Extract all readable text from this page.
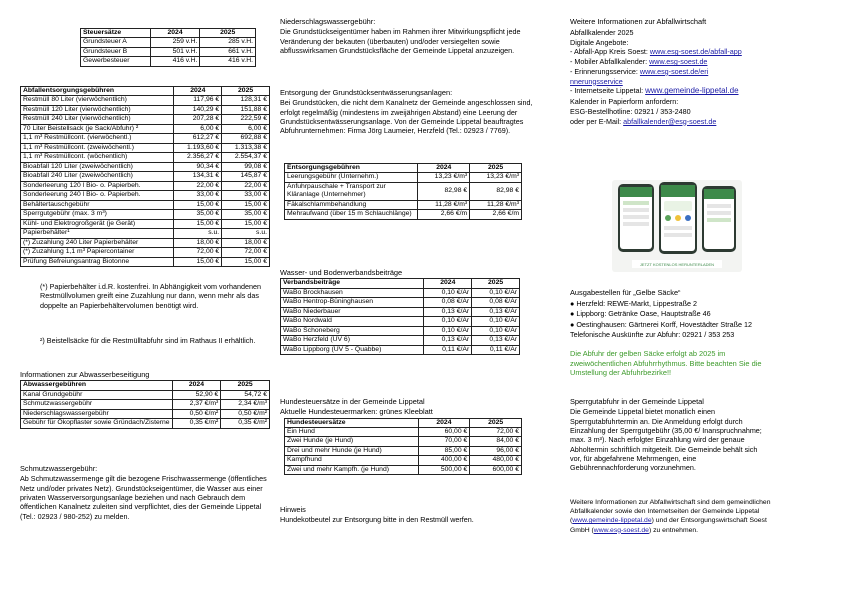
Steuersätze	2024	2025
Grundsteuer A	259 v.H.	285 v.H.
Grundsteuer B	501 v.H.	661 v.H.
Gewerbesteuer	416 v.H.	416 v.H.
Abfallentsorgungsgebühren	2024	2025
Restmüll 80 Liter (vierwöchentlich)	117,96 €	128,31 €
Restmüll 120 Liter (vierwöchentlich)	140,29 €	151,88 €
Restmüll 240 Liter (vierwöchentlich)	207,28 €	222,59 €
70 Liter Beistellsack (je Sack/Abfuhr) ²	6,00 €	6,00 €
1,1 m³ Restmüllcont. (vierwöchentl.)	612,27 €	692,88 €
1,1 m³ Restmüllcont. (zweiwöchentl.)	1.193,60 €	1.313,38 €
1,1 m³ Restmüllcont. (wöchentlich)	2.356,27 €	2.554,37 €
Bioabfall 120 Liter (zweiwöchentlich)	90,34 €	99,08 €
Bioabfall 240 Liter (zweiwöchentlich)	134,31 €	145,87 €
Sonderleerung 120 l Bio- o. Papierbeh.	22,00 €	22,00 €
Sonderleerung 240 l Bio- o. Papierbeh.	33,00 €	33,00 €
Behältertauschgebühr	15,00 €	15,00 €
Sperrgutgebühr (max. 3 m³)	35,00 €	35,00 €
Kühl- und Elektrogroßgerät (je Gerät)	15,00 €	15,00 €
Papierbehälter¹	s.u.	s.u.
(*) Zuzahlung 240 Liter Papierbehälter	18,00 €	18,00 €
(*) Zuzahlung 1,1 m³ Papiercontainer	72,00 €	72,00 €
Prüfung Befreiungsantrag Biotonne	15,00 €	15,00 €

(*) Papierbehälter i.d.R. kostenfrei. In Abhängigkeit vom vorhandenen Restmüllvolumen greift eine Zuzahlung nur dann, wenn mehr als das doppelte an Papierbehältervolumen benötigt wird.

²) Beistellsäcke für die Restmülltabfuhr sind im Rathaus II erhältlich.

Informationen zur Abwasserbeseitigung
Abwassergebühren	2024	2025
Kanal Grundgebühr	52,90 €	54,72 €
Schmutzwassergebühr	2,37 €/m³	2,34 €/m³
Niederschlagswassergebühr	0,50 €/m²	0,50 €/m²
Gebühr für Ökopflaster sowie Gründach/Zisterne	0,35 €/m²	0,35 €/m²
Schmutzwassergebühr:

Ab Schmutzwassermenge gilt die bezogene Frischwassermenge (öffentliches Netz und/oder privates Netz). Grundstückseigentümer, die Wasser aus einer privaten Wasserversorgungsanlage beziehen und nach Gebrauch dem öffentlichen Kanalnetz zuleiten sind verpflichtet, dies der Gemeinde Lippetal (Tel.: 02923 / 980-252) zu melden.

Niederschlagswassergebühr:

Die Grundstückseigentümer haben im Rahmen ihrer Mitwirkungspflicht jede Veränderung der bekauten (überbauten) und/oder versiegelten sowie abflusswirksamen Grundstücksfläche der Gemeinde Lippetal anzuzeigen.

Entsorgung der Grundstücksentwässerungsanlagen:

Bei Grundstücken, die nicht dem Kanalnetz der Gemeinde angeschlossen sind, erfolgt regelmäßig (mindestens im zweijährigen Abstand) eine Leerung der Grundstücksentwässerungsanlage. Von der Gemeinde Lippetal beauftragtes Abfuhrunternehmen: Firma Jörg Laumeier, Herzfeld (Tel.: 02923 / 7769).

Entsorgungsgebühren	2024	2025
Leerungsgebühr (Unternehm.)	13,23 €/m³	13,23 €/m³
Anfuhrpauschale + Transport zur Kläranlage (Unternehmer)	82,98 €	82,98 €
Fäkalschlammbehandlung	11,28 €/m³	11,28 €/m³
Mehraufwand (über 15 m Schlauchlänge)	2,66 €/m	2,66 €/m
Wasser- und Bodenverbandsbeiträge
Verbandsbeiträge	2024	2025
WaBo Brockhausen	0,10 €/Ar	0,10 €/Ar
WaBo Hentrop-Büninghausen	0,08 €/Ar	0,08 €/Ar
WaBo Niederbauer	0,13 €/Ar	0,13 €/Ar
WaBo Nordwald	0,10 €/Ar	0,10 €/Ar
WaBo Schoneberg	0,10 €/Ar	0,10 €/Ar
WaBo Herzfeld (UV 6)	0,13 €/Ar	0,13 €/Ar
WaBo Lippborg (UV 5 - Quabbe)	0,11 €/Ar	0,11 €/Ar
Hundesteuersätze in der Gemeinde Lippetal
Aktuelle Hundesteuermarken: grünes Kleeblatt
Hundesteuersätze	2024	2025
Ein Hund	60,00 €	72,00 €
Zwei Hunde (je Hund)	70,00 €	84,00 €
Drei und mehr Hunde (je Hund)	85,00 €	96,00 €
Kampfhund	400,00 €	480,00 €
Zwei und mehr Kampfh. (je Hund)	500,00 €	600,00 €
Hinweis

Hundekotbeutel zur Entsorgung bitte in den Restmüll werfen.

Weitere Informationen zur Abfallwirtschaft
Abfallkalender 2025
Digitale Angebote:
- Abfall-App Kreis Soest: www.esg-soest.de/abfall-app
- Mobiler Abfallkalender: www.esg-soest.de
- Erinnerungsservice: www.esg-soest.de/erinnerungsservice
- Internetseite Lippetal: www.gemeinde-lippetal.de
Kalender in Papierform anfordern:
ESG-Bestellhotline: 02921 / 353-2480
oder per E-Mail: abfallkalender@esg-soest.de
Ausgabestellen für „Gelbe Säcke“
● Herzfeld: REWE-Markt, Lippestraße 2
● Lippborg: Getränke Oase, Hauptstraße 46
● Oestinghausen: Gärtnerei Korff, Hovestädter Straße 12
Telefonische Auskünfte zur Abfuhr: 02921 / 353 253

Die Abfuhr der gelben Säcke erfolgt ab 2025 im zweiwöchentlichen Abfuhrrhythmus. Bitte beachten Sie die Umstellung der Abfuhrbezirke!!

Sperrgutabfuhr in der Gemeinde Lippetal

Die Gemeinde Lippetal bietet monatlich einen Sperrgutabfuhrtermin an. Die Anmeldung erfolgt durch Einzahlung der Sperrgutgebühr (35,00 €/ Inanspruchnahme; max. 3 m³). Nach erfolgter Einzahlung wird der genaue Abholtermin schriftlich mitgeteilt. Die Gemeinde behält sich vor, für abgefahrene Mehrmengen, eine Gebührennachforderung vorzunehmen.

Weitere Informationen zur Abfallwirtschaft sind dem gemeindlichen Abfallkalender sowie den Internetseiten der Gemeinde Lippetal (www.gemeinde-lippetal.de) und der Entsorgungswirtschaft Soest GmbH (www.esg-soest.de) zu entnehmen.

JETZT KOSTENLOS HERUNTERLADEN
